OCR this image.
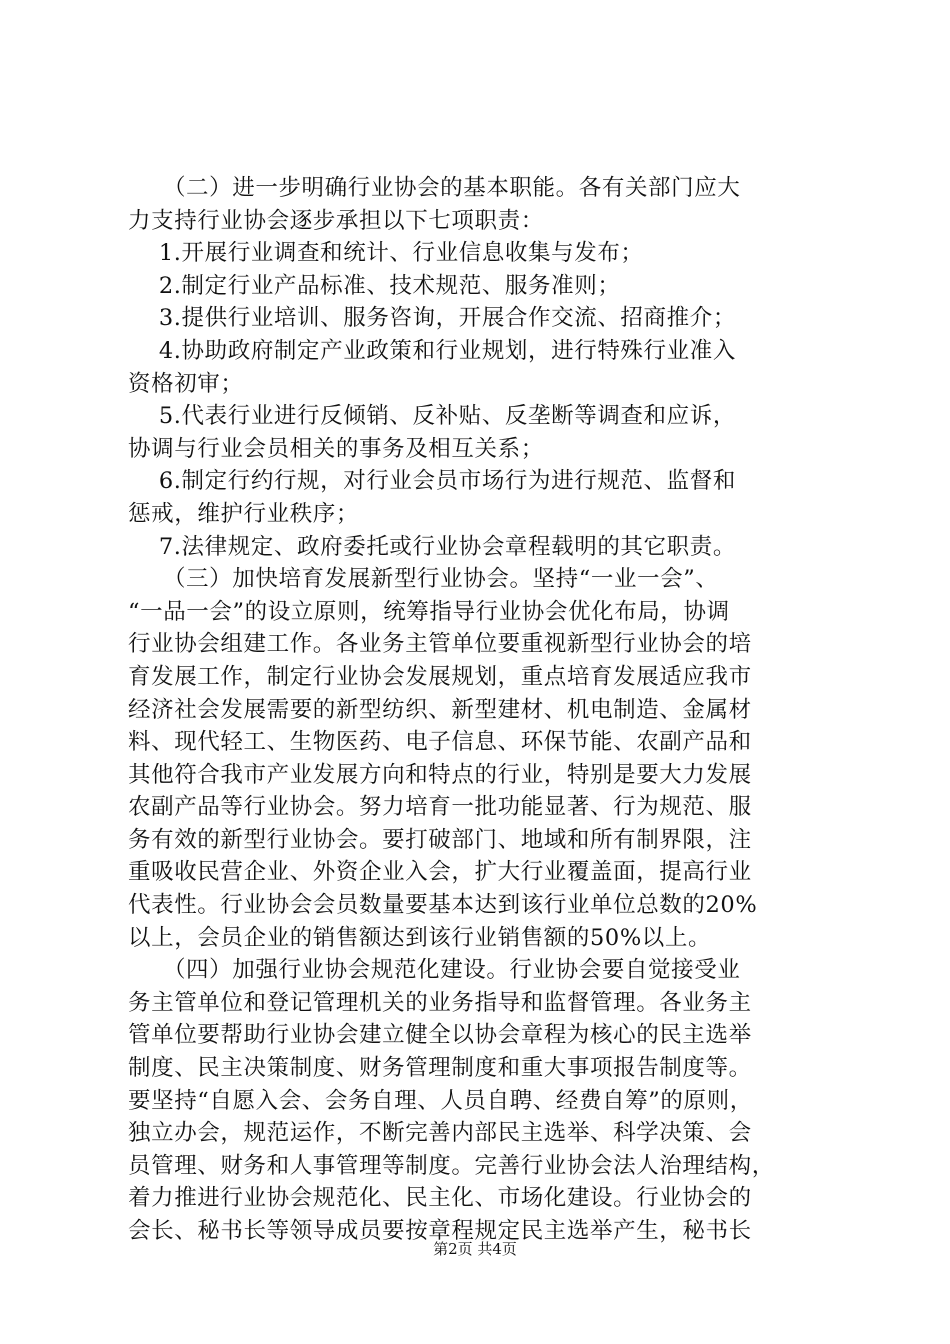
　　（二）进一步明确行业协会的基本职能。各有关部门应大
力支持行业协会逐步承担以下七项职责：
　 1.开展行业调查和统计、行业信息收集与发布；
　 2.制定行业产品标准、技术规范、服务准则；
　 3.提供行业培训、服务咨询，开展合作交流、招商推介；
　 4.协助政府制定产业政策和行业规划，进行特殊行业准入
资格初审；
　 5.代表行业进行反倾销、反补贴、反垄断等调查和应诉，
协调与行业会员相关的事务及相互关系；
　 6.制定行约行规，对行业会员市场行为进行规范、监督和
惩戒，维护行业秩序；
　 7.法律规定、政府委托或行业协会章程载明的其它职责。
　　（三）加快培育发展新型行业协会。坚持“一业一会”、
“一品一会”的设立原则，统筹指导行业协会优化布局，协调
行业协会组建工作。各业务主管单位要重视新型行业协会的培
育发展工作，制定行业协会发展规划，重点培育发展适应我市
经济社会发展需要的新型纺织、新型建材、机电制造、金属材
料、现代轻工、生物医药、电子信息、环保节能、农副产品和
其他符合我市产业发展方向和特点的行业，特别是要大力发展
农副产品等行业协会。努力培育一批功能显著、行为规范、服
务有效的新型行业协会。要打破部门、地域和所有制界限，注
重吸收民营企业、外资企业入会，扩大行业覆盖面，提高行业
代表性。行业协会会员数量要基本达到该行业单位总数的20%
以上，会员企业的销售额达到该行业销售额的50%以上。
　　（四）加强行业协会规范化建设。行业协会要自觉接受业
务主管单位和登记管理机关的业务指导和监督管理。各业务主
管单位要帮助行业协会建立健全以协会章程为核心的民主选举
制度、民主决策制度、财务管理制度和重大事项报告制度等。
要坚持“自愿入会、会务自理、人员自聘、经费自筹”的原则，
独立办会，规范运作，不断完善内部民主选举、科学决策、会
员管理、财务和人事管理等制度。完善行业协会法人治理结构，
着力推进行业协会规范化、民主化、市场化建设。行业协会的
会长、秘书长等领导成员要按章程规定民主选举产生，秘书长
第2页 共4页
